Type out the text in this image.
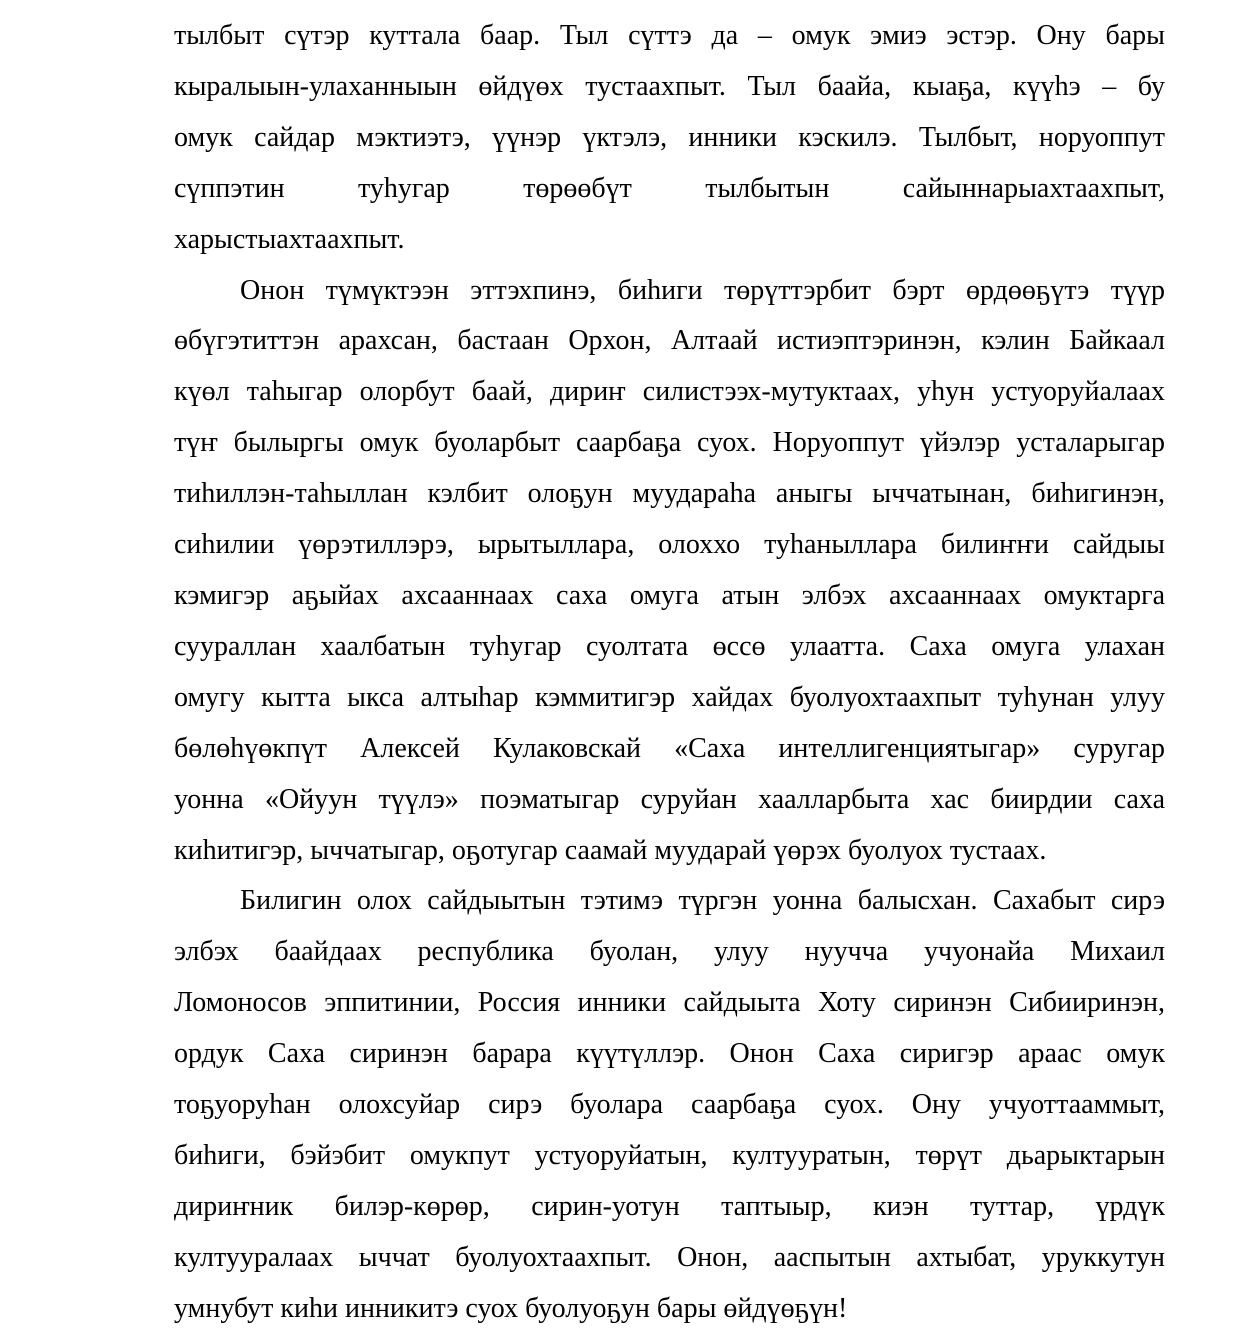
тылбыт сүтэр куттала баар. Тыл сүттэ да – омук эмиэ эстэр. Ону бары
кыралыын-улаханныын өйдүөх тустаахпыт. Тыл баайа, кыаҕа, күүһэ – бу
омук сайдар мэктиэтэ, үүнэр үктэлэ, инники кэскилэ. Тылбыт, норуоппут
сүппэтин туһугар төрөөбүт тылбытын сайыннарыахтаахпыт,
харыстыахтаахпыт.
Онон түмүктээн эттэхпинэ, биһиги төрүттэрбит бэрт өрдөөҕүтэ түүр
өбүгэтиттэн арахсан, бастаан Орхон, Алтаай истиэптэринэн, кэлин Байкаал
күөл таһыгар олорбут баай, дириҥ силистээх-мутуктаах, уһун устуоруйалаах
түҥ былыргы омук буоларбыт саарбаҕа суох. Норуоппут үйэлэр усталарыгар
тиһиллэн-таһыллан кэлбит олоҕун муудараһа аныгы ыччатынан, биһигинэн,
сиһилии үөрэтиллэрэ, ырытыллара, олоххо туһаныллара билиҥҥи сайдыы
кэмигэр аҕыйах ахсааннаах саха омуга атын элбэх ахсааннаах омуктарга
суураллан хаалбатын туһугар суолтата өссө улаатта. Саха омуга улахан
омугу кытта ыкса алтыһар кэммитигэр хайдах буолуохтаахпыт туһунан улуу
бөлөһүөкпүт Алексей Кулаковскай «Саха интеллигенциятыгар» суругар
уонна «Ойуун түүлэ» поэматыгар суруйан хаалларбыта хас биирдии саха
киһитигэр, ыччатыгар, оҕотугар саамай муударай үөрэх буолуох тустаах.
Билигин олох сайдыытын тэтимэ түргэн уонна балысхан. Сахабыт сирэ
элбэх баайдаах республика буолан, улуу нуучча учуонайа Михаил
Ломоносов эппитинии, Россия инники сайдыыта Хоту сиринэн Сибииринэн,
ордук Саха сиринэн барара күүтүллэр. Онон Саха сиригэр араас омук
тоҕуоруһан олохсуйар сирэ буолара саарбаҕа суох. Ону учуоттааммыт,
биһиги, бэйэбит омукпут устуоруйатын, култууратын, төрүт дьарыктарын
дириҥник билэр-көрөр, сирин-уотун таптыыр, киэн туттар, үрдүк
култууралаах ыччат буолуохтаахпыт. Онон, ааспытын ахтыбат, уруккутун
умнубут киһи инникитэ суох буолуоҕун бары өйдүөҕүн!
